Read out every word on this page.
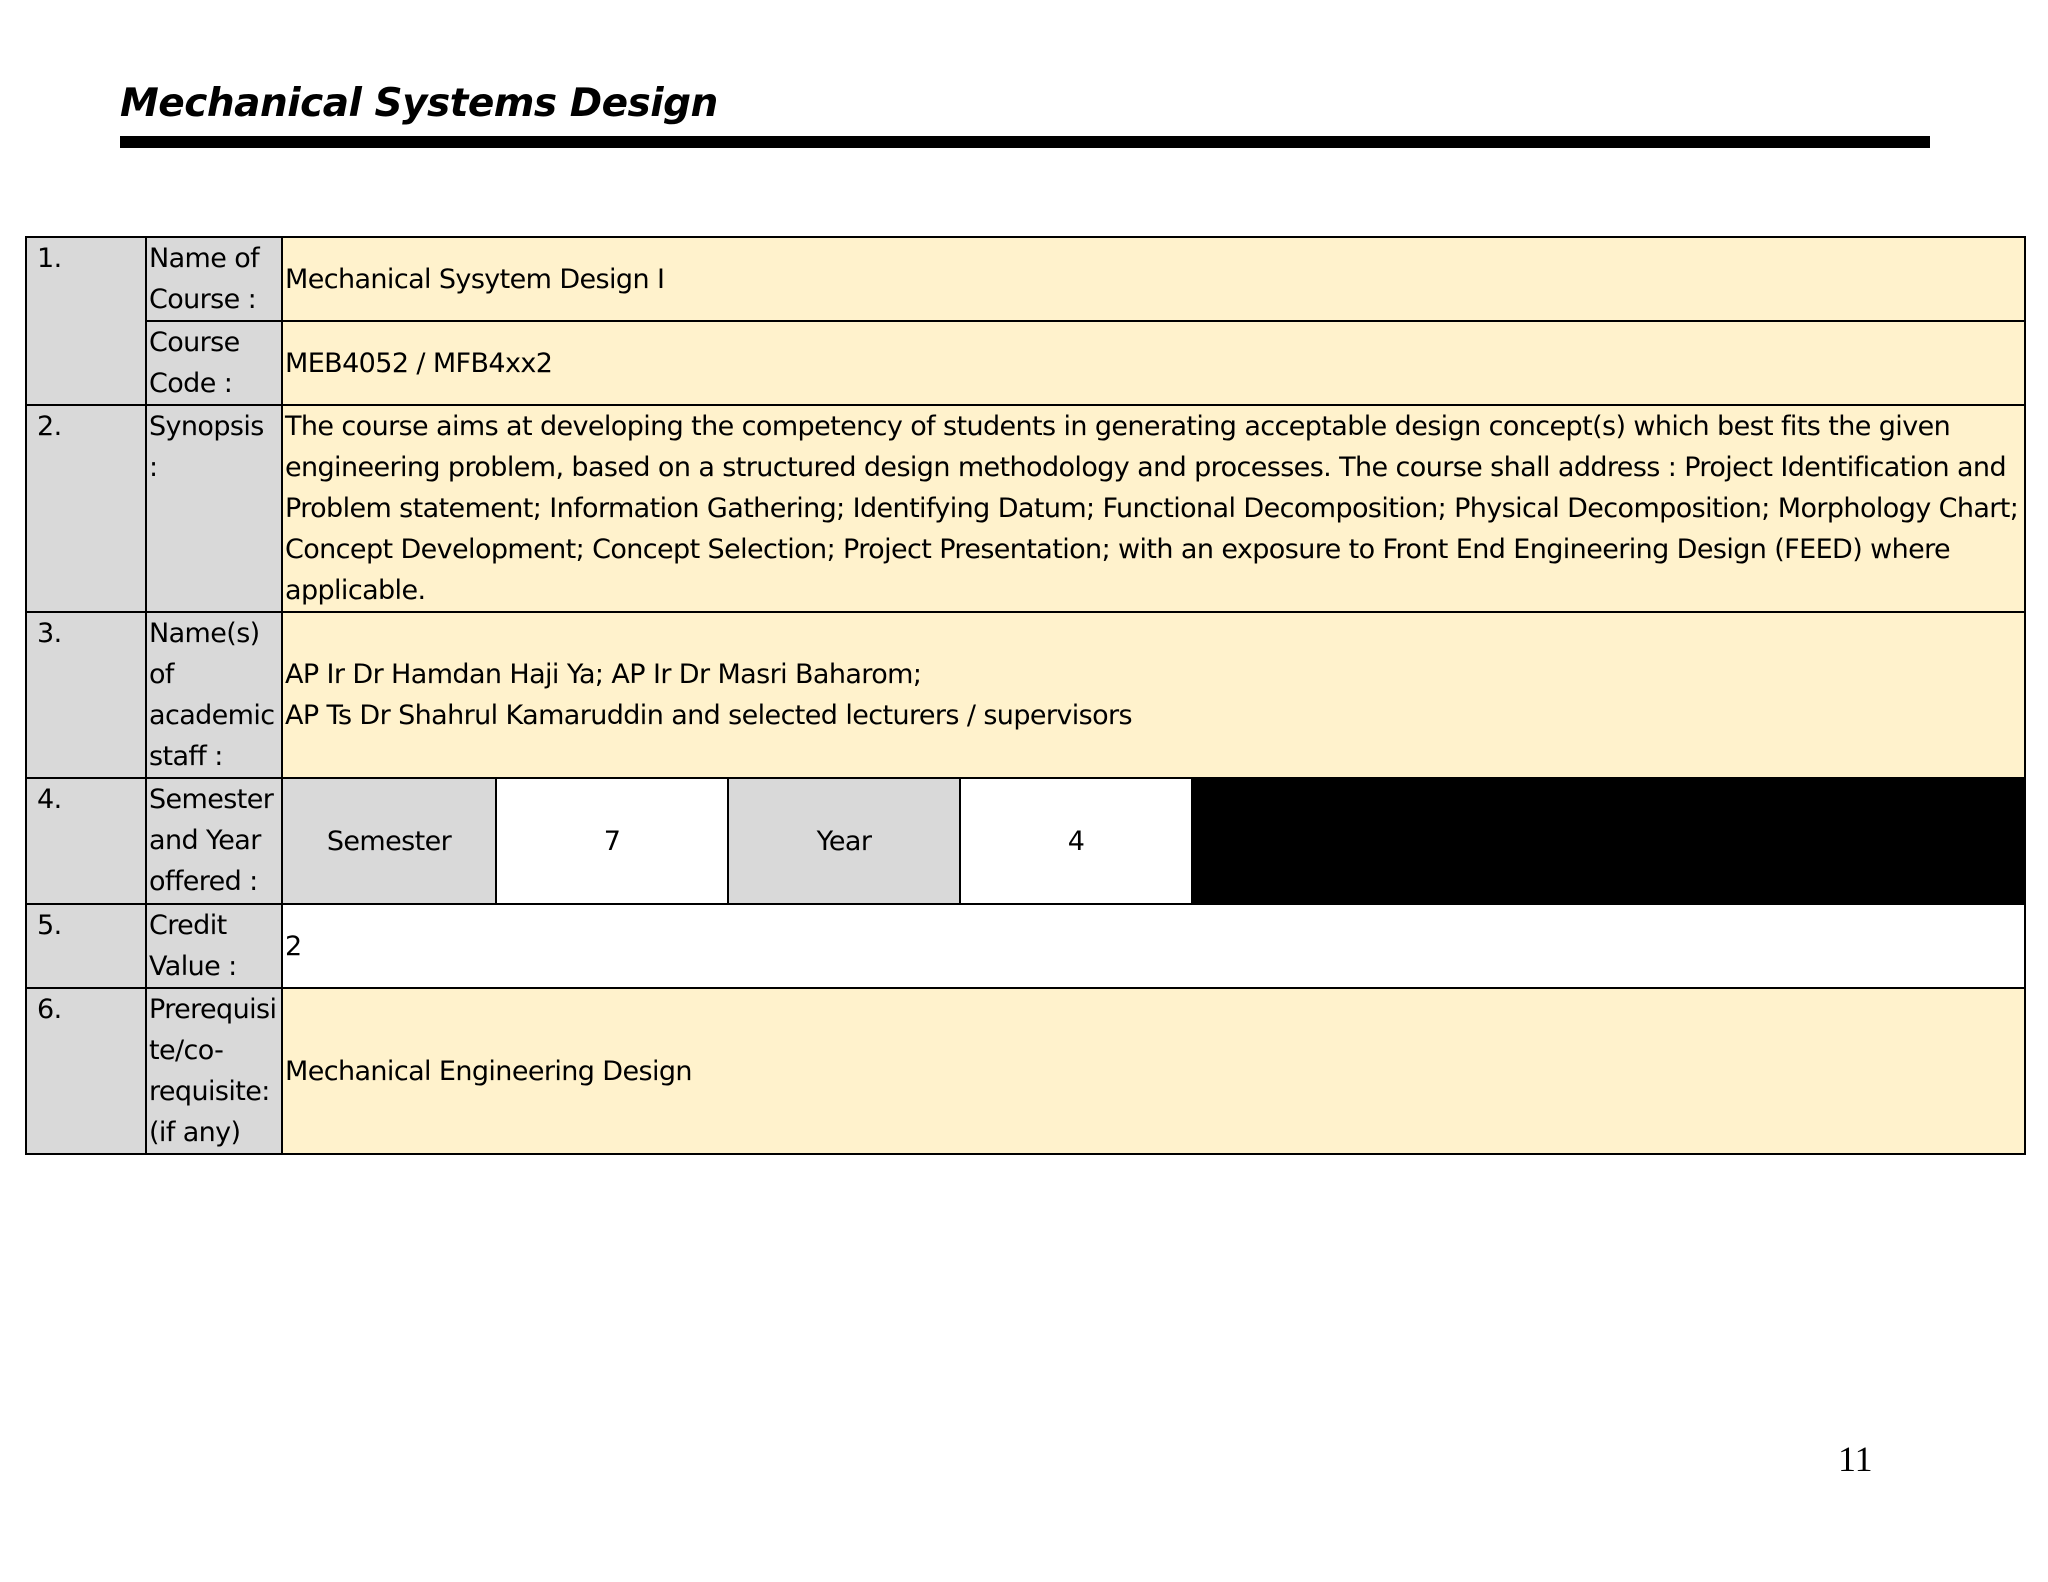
Mechanical Systems Design
1.	Name of Course :	Mechanical Sysytem Design I
	Course Code :	MEB4052 / MFB4xx2
2.	Synopsis :	The course aims at developing the competency of students in generating acceptable design concept(s) which best fits the given engineering problem, based on a structured design methodology and processes. The course shall address : Project Identification and Problem statement; Information Gathering; Identifying Datum; Functional Decomposition; Physical Decomposition; Morphology Chart; Concept Development; Concept Selection; Project Presentation; with an exposure to Front End Engineering Design (FEED) where applicable.
3.	Name(s) of academic staff :	AP Ir Dr Hamdan Haji Ya; AP Ir Dr Masri Baharom;
AP Ts Dr Shahrul Kamaruddin and selected lecturers / supervisors

4.	Semester and Year offered :	Semester 7 Year 4

5.	Credit Value :	2
6.	Prerequisite/co-requisite: (if any)	Mechanical Engineering Design
11
